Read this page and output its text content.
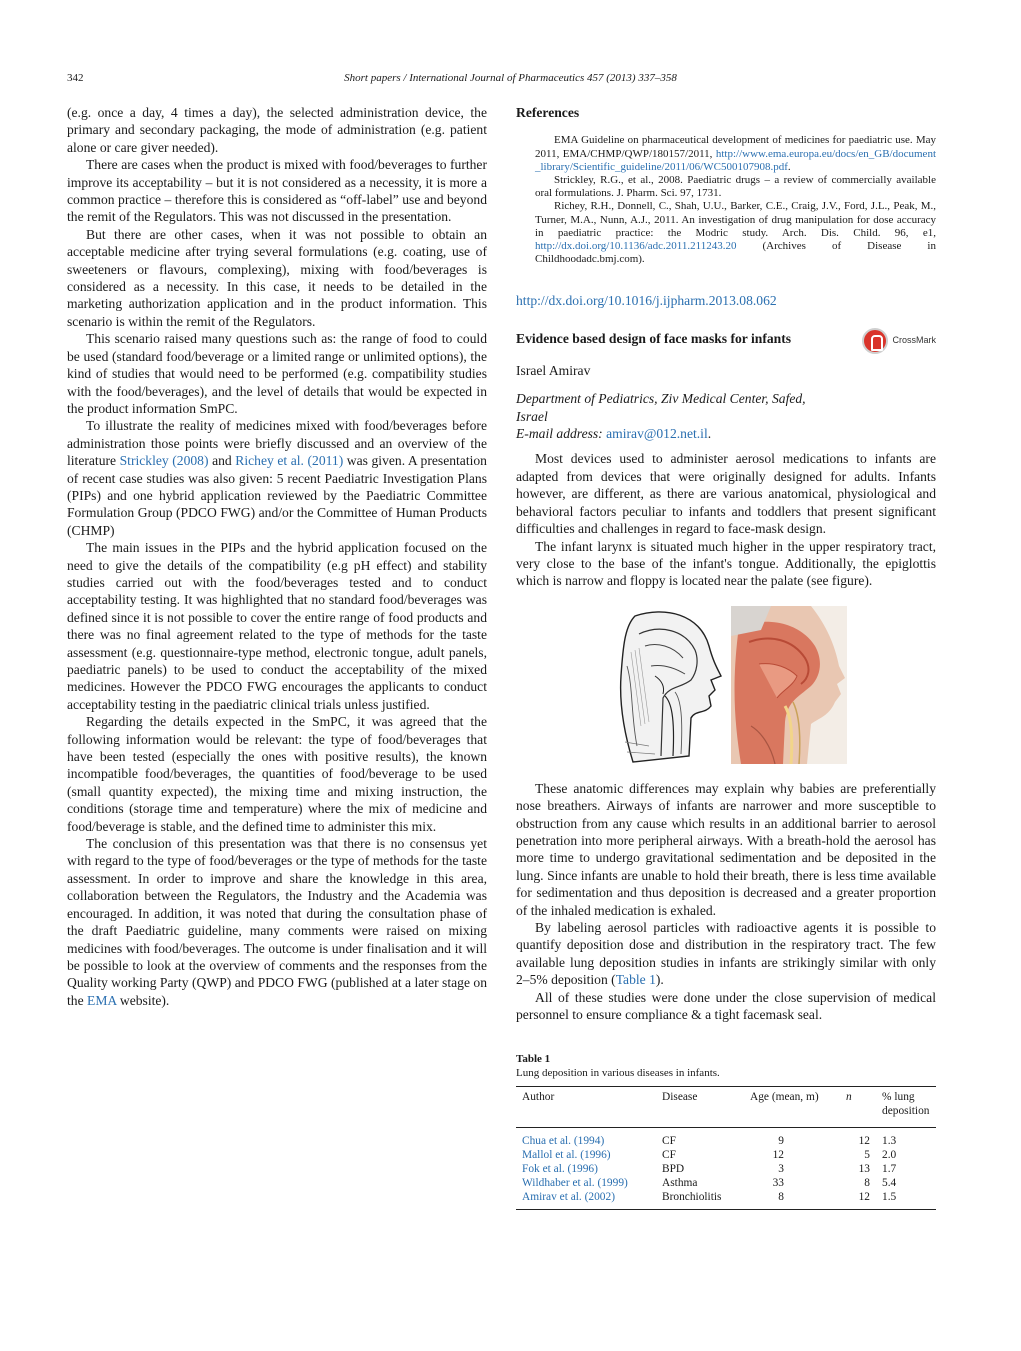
342	Short papers / International Journal of Pharmaceutics 457 (2013) 337–358

(e.g. once a day, 4 times a day), the selected administration device, the primary and secondary packaging, the mode of administration (e.g. patient alone or care giver needed).

There are cases when the product is mixed with food/beverages to further improve its acceptability – but it is not considered as a necessity, it is more a common practice – therefore this is considered as “off-label” use and beyond the remit of the Regulators. This was not discussed in the presentation.

But there are other cases, when it was not possible to obtain an acceptable medicine after trying several formulations (e.g. coating, use of sweeteners or flavours, complexing), mixing with food/beverages is considered as a necessity. In this case, it needs to be detailed in the marketing authorization application and in the product information. This scenario is within the remit of the Regulators.

This scenario raised many questions such as: the range of food to could be used (standard food/beverage or a limited range or unlimited options), the kind of studies that would need to be performed (e.g. compatibility studies with the food/beverages), and the level of details that would be expected in the product information SmPC.

To illustrate the reality of medicines mixed with food/beverages before administration those points were briefly discussed and an overview of the literature Strickley (2008) and Richey et al. (2011) was given. A presentation of recent case studies was also given: 5 recent Paediatric Investigation Plans (PIPs) and one hybrid application reviewed by the Paediatric Committee Formulation Group (PDCO FWG) and/or the Committee of Human Products (CHMP)

The main issues in the PIPs and the hybrid application focused on the need to give the details of the compatibility (e.g pH effect) and stability studies carried out with the food/beverages tested and to conduct acceptability testing. It was highlighted that no standard food/beverages was defined since it is not possible to cover the entire range of food products and there was no final agreement related to the type of methods for the taste assessment (e.g. questionnaire-type method, electronic tongue, adult panels, paediatric panels) to be used to conduct the acceptability of the mixed medicines. However the PDCO FWG encourages the applicants to conduct acceptability testing in the paediatric clinical trials unless justified.

Regarding the details expected in the SmPC, it was agreed that the following information would be relevant: the type of food/beverages that have been tested (especially the ones with positive results), the known incompatible food/beverages, the quantities of food/beverage to be used (small quantity expected), the mixing time and mixing instruction, the conditions (storage time and temperature) where the mix of medicine and food/beverage is stable, and the defined time to administer this mix.

The conclusion of this presentation was that there is no consensus yet with regard to the type of food/beverages or the type of methods for the taste assessment. In order to improve and share the knowledge in this area, collaboration between the Regulators, the Industry and the Academia was encouraged. In addition, it was noted that during the consultation phase of the draft Paediatric guideline, many comments were raised on mixing medicines with food/beverages. The outcome is under finalisation and it will be possible to look at the overview of comments and the responses from the Quality working Party (QWP) and PDCO FWG (published at a later stage on the EMA website).

References

EMA Guideline on pharmaceutical development of medicines for paediatric use. May 2011, EMA/CHMP/QWP/180157/2011, http://www.ema.europa.eu/docs/en_GB/document_library/Scientific_guideline/2011/06/WC500107908.pdf.

Strickley, R.G., et al., 2008. Paediatric drugs – a review of commercially available oral formulations. J. Pharm. Sci. 97, 1731.

Richey, R.H., Donnell, C., Shah, U.U., Barker, C.E., Craig, J.V., Ford, J.L., Peak, M., Turner, M.A., Nunn, A.J., 2011. An investigation of drug manipulation for dose accuracy in paediatric practice: the Modric study. Arch. Dis. Child. 96, e1, http://dx.doi.org/10.1136/adc.2011.211243.20 (Archives of Disease in Childhoodadc.bmj.com).

http://dx.doi.org/10.1016/j.ijpharm.2013.08.062
Evidence based design of face masks for infants	CrossMark
Israel Amirav
Department of Pediatrics, Ziv Medical Center, Safed,
Israel
E-mail address: amirav@012.net.il.

Most devices used to administer aerosol medications to infants are adapted from devices that were originally designed for adults. Infants however, are different, as there are various anatomical, physiological and behavioral factors peculiar to infants and toddlers that present significant difficulties and challenges in regard to face-mask design.

The infant larynx is situated much higher in the upper respiratory tract, very close to the base of the infant's tongue. Additionally, the epiglottis which is narrow and floppy is located near the palate (see figure).

These anatomic differences may explain why babies are preferentially nose breathers. Airways of infants are narrower and more susceptible to obstruction from any cause which results in an additional barrier to aerosol penetration into more peripheral airways. With a breath-hold the aerosol has more time to undergo gravitational sedimentation and be deposited in the lung. Since infants are unable to hold their breath, there is less time available for sedimentation and thus deposition is decreased and a greater proportion of the inhaled medication is exhaled.

By labeling aerosol particles with radioactive agents it is possible to quantify deposition dose and distribution in the respiratory tract. The few available lung deposition studies in infants are strikingly similar with only 2–5% deposition (Table 1).

All of these studies were done under the close supervision of medical personnel to ensure compliance & a tight facemask seal.

Table 1
Lung deposition in various diseases in infants.
Author	Disease	Age (mean, m)	n	% lung
deposition

Chua et al. (1994)	CF	9	12	1.3
Mallol et al. (1996)	CF	12	5	2.0
Fok et al. (1996)	BPD	3	13	1.7
Wildhaber et al. (1999)	Asthma	33	8	5.4
Amirav et al. (2002)	Bronchiolitis	8	12	1.5
